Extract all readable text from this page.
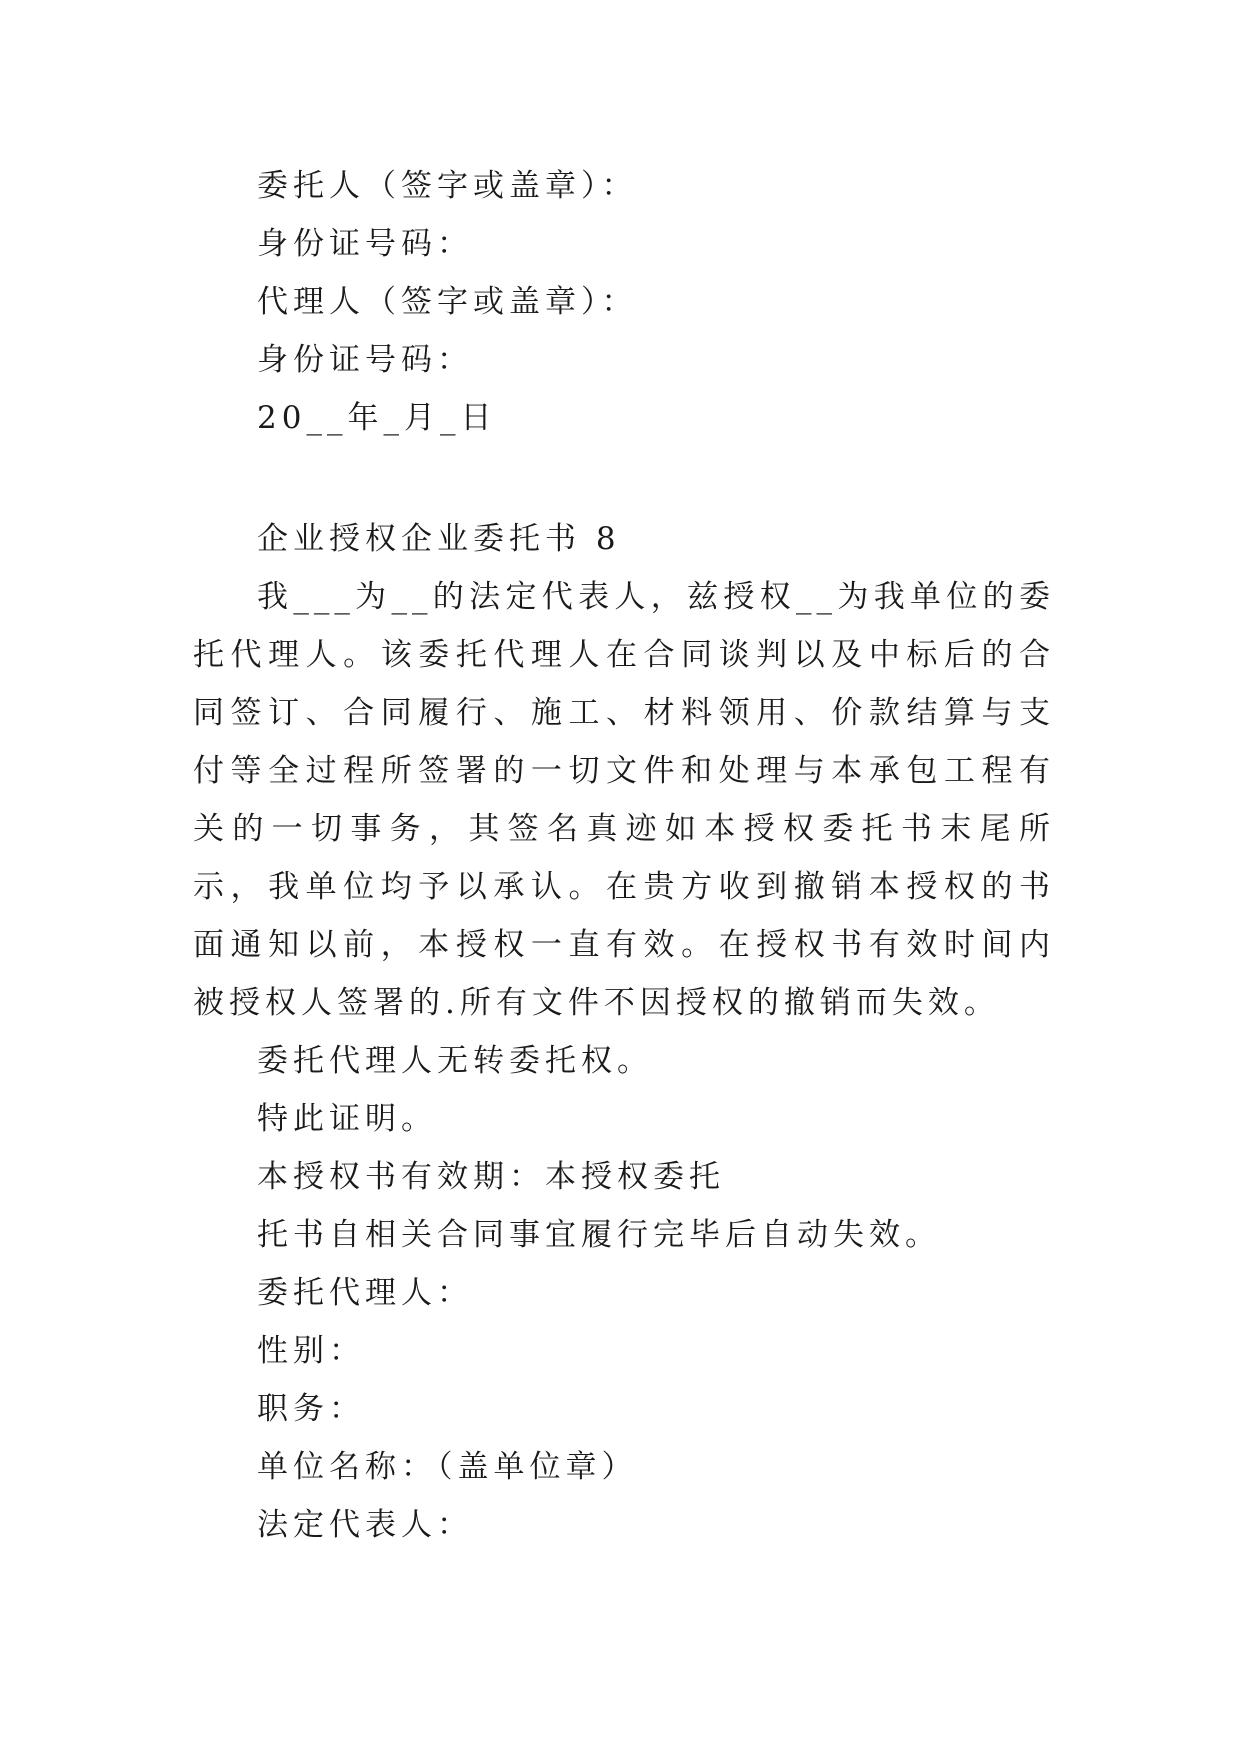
委托人（签字或盖章）：
身份证号码：
代理人（签字或盖章）：
身份证号码：
20__年_月_日
企业授权企业委托书 8
我___为__的法定代表人，兹授权__为我单位的委托代理人。该委托代理人在合同谈判以及中标后的合同签订、合同履行、施工、材料领用、价款结算与支付等全过程所签署的一切文件和处理与本承包工程有关的一切事务，其签名真迹如本授权委托书末尾所示，我单位均予以承认。在贵方收到撤销本授权的书面通知以前，本授权一直有效。在授权书有效时间内被授权人签署的.所有文件不因授权的撤销而失效。
委托代理人无转委托权。
特此证明。
本授权书有效期：本授权委托
托书自相关合同事宜履行完毕后自动失效。
委托代理人：
性别：
职务：
单位名称：（盖单位章）
法定代表人：
